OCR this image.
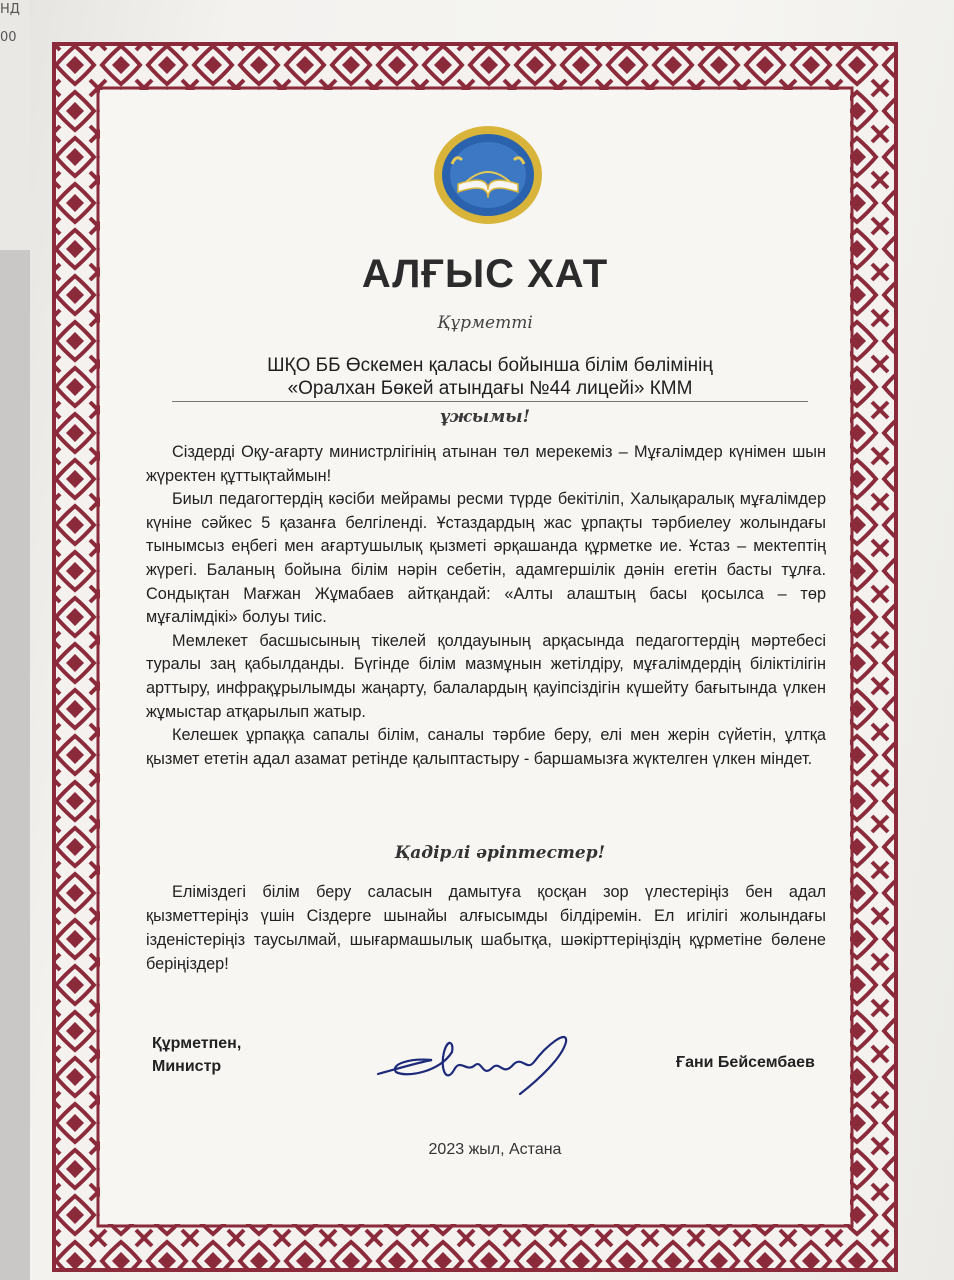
НД
00
АЛҒЫС ХАТ
Құрметті
ШҚО ББ Өскемен қаласы бойынша білім бөлімінің
«Оралхан Бөкей атындағы №44 лицейі» КММ
ұжымы!

Сіздерді Оқу-ағарту министрлігінің атынан төл мерекеміз – Мұғалімдер күнімен шын жүректен құттықтаймын!

Биыл педагогтердің кәсіби мейрамы ресми түрде бекітіліп, Халықаралық мұғалімдер күніне сәйкес 5 қазанға белгіленді. Ұстаздардың жас ұрпақты тәрбиелеу жолындағы тынымсыз еңбегі мен ағартушылық қызметі әрқашанда құрметке ие. Ұстаз – мектептің жүрегі. Баланың бойына білім нәрін себетін, адамгершілік дәнін егетін басты тұлға. Сондықтан Мағжан Жұмабаев айтқандай: «Алты алаштың басы қосылса – төр мұғалімдікі» болуы тиіс.

Мемлекет басшысының тікелей қолдауының арқасында педагогтердің мәртебесі туралы заң қабылданды. Бүгінде білім мазмұнын жетілдіру, мұғалімдердің біліктілігін арттыру, инфрақұрылымды жаңарту, балалардың қауіпсіздігін күшейту бағытында үлкен жұмыстар атқарылып жатыр.

Келешек ұрпаққа сапалы білім, саналы тәрбие беру, елі мен жерін сүйетін, ұлтқа қызмет ететін адал азамат ретінде қалыптастыру - баршамызға жүктелген үлкен міндет.

Қадірлі әріптестер!

Еліміздегі білім беру саласын дамытуға қосқан зор үлестеріңіз бен адал қызметтеріңіз үшін Сіздерге шынайы алғысымды білдіремін. Ел игілігі жолындағы ізденістеріңіз таусылмай, шығармашылық шабытқа, шәкірттеріңіздің құрметіне бөлене беріңіздер!

Құрметпен,
Министр	Ғани Бейсембаев
2023 жыл, Астана
